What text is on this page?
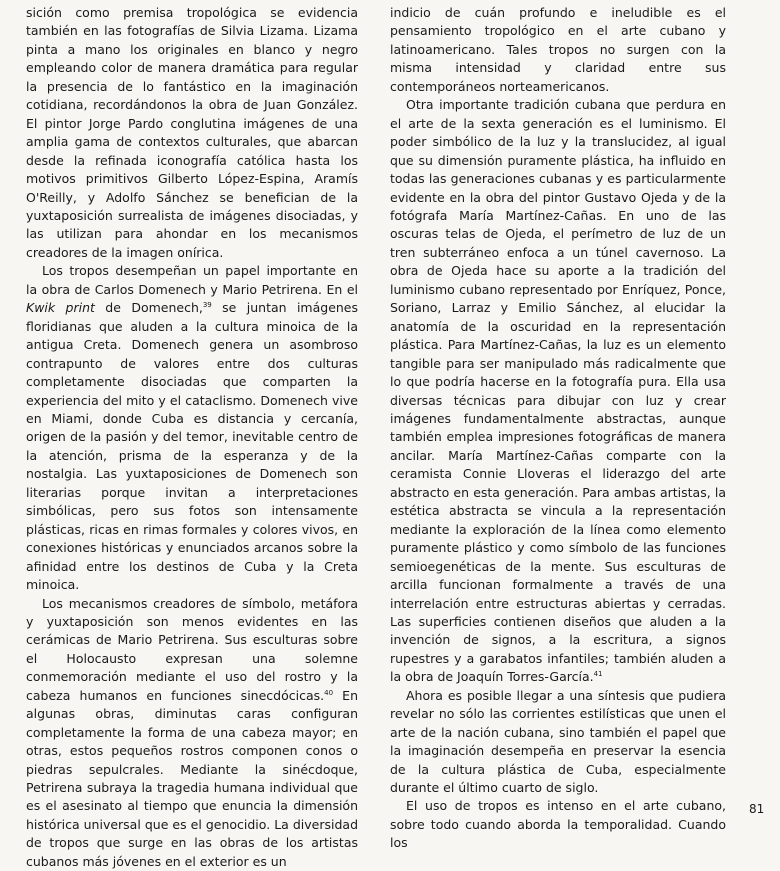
sición como premisa tropológica se evidencia también en las fotografías de Silvia Lizama. Lizama pinta a mano los originales en blanco y negro empleando color de manera dramática para regular la presencia de lo fantástico en la imaginación cotidiana, recordándonos la obra de Juan González. El pintor Jorge Pardo conglutina imágenes de una amplia gama de contextos culturales, que abarcan desde la refinada iconografía católica hasta los motivos primitivos Gilberto López-Espina, Aramís O'Reilly, y Adolfo Sánchez se benefician de la yuxtaposición surrealista de imágenes disociadas, y las utilizan para ahondar en los mecanismos creadores de la imagen onírica.

Los tropos desempeñan un papel importante en la obra de Carlos Domenech y Mario Petrirena. En el Kwik print de Domenech,$^{39}$ se juntan imágenes floridianas que aluden a la cultura minoica de la antigua Creta. Domenech genera un asombroso contrapunto de valores entre dos culturas completamente disociadas que comparten la experiencia del mito y el cataclismo. Domenech vive en Miami, donde Cuba es distancia y cercanía, origen de la pasión y del temor, inevitable centro de la atención, prisma de la esperanza y de la nostalgia. Las yuxtaposiciones de Domenech son literarias porque invitan a interpretaciones simbólicas, pero sus fotos son intensamente plásticas, ricas en rimas formales y colores vivos, en conexiones históricas y enunciados arcanos sobre la afinidad entre los destinos de Cuba y la Creta minoica.

Los mecanismos creadores de símbolo, metáfora y yuxtaposición son menos evidentes en las cerámicas de Mario Petrirena. Sus esculturas sobre el Holocausto expresan una solemne conmemoración mediante el uso del rostro y la cabeza humanos en funciones sinecdócicas.$^{40}$ En algunas obras, diminutas caras configuran completamente la forma de una cabeza mayor; en otras, estos pequeños rostros componen conos o piedras sepulcrales. Mediante la sinécdoque, Petrirena subraya la tragedia humana individual que es el asesinato al tiempo que enuncia la dimensión histórica universal que es el genocidio. La diversidad de tropos que surge en las obras de los artistas cubanos más jóvenes en el exterior es un

indicio de cuán profundo e ineludible es el pensamiento tropológico en el arte cubano y latinoamericano. Tales tropos no surgen con la misma intensidad y claridad entre sus contemporáneos norteamericanos.

Otra importante tradición cubana que perdura en el arte de la sexta generación es el luminismo. El poder simbólico de la luz y la translucidez, al igual que su dimensión puramente plástica, ha influido en todas las generaciones cubanas y es particularmente evidente en la obra del pintor Gustavo Ojeda y de la fotógrafa María Martínez-Cañas. En uno de las oscuras telas de Ojeda, el perímetro de luz de un tren subterráneo enfoca a un túnel cavernoso. La obra de Ojeda hace su aporte a la tradición del luminismo cubano representado por Enríquez, Ponce, Soriano, Larraz y Emilio Sánchez, al elucidar la anatomía de la oscuridad en la representación plástica. Para Martínez-Cañas, la luz es un elemento tangible para ser manipulado más radicalmente que lo que podría hacerse en la fotografía pura. Ella usa diversas técnicas para dibujar con luz y crear imágenes fundamentalmente abstractas, aunque también emplea impresiones fotográficas de manera ancilar. María Martínez-Cañas comparte con la ceramista Connie Lloveras el liderazgo del arte abstracto en esta generación. Para ambas artistas, la estética abstracta se vincula a la representación mediante la exploración de la línea como elemento puramente plástico y como símbolo de las funciones semioegenéticas de la mente. Sus esculturas de arcilla funcionan formalmente a través de una interrelación entre estructuras abiertas y cerradas. Las superficies contienen diseños que aluden a la invención de signos, a la escritura, a signos rupestres y a garabatos infantiles; también aluden a la obra de Joaquín Torres-García.$^{41}$

Ahora es posible llegar a una síntesis que pudiera revelar no sólo las corrientes estilísticas que unen el arte de la nación cubana, sino también el papel que la imaginación desempeña en preservar la esencia de la cultura plástica de Cuba, especialmente durante el último cuarto de siglo.

El uso de tropos es intenso en el arte cubano, sobre todo cuando aborda la temporalidad. Cuando los

81
